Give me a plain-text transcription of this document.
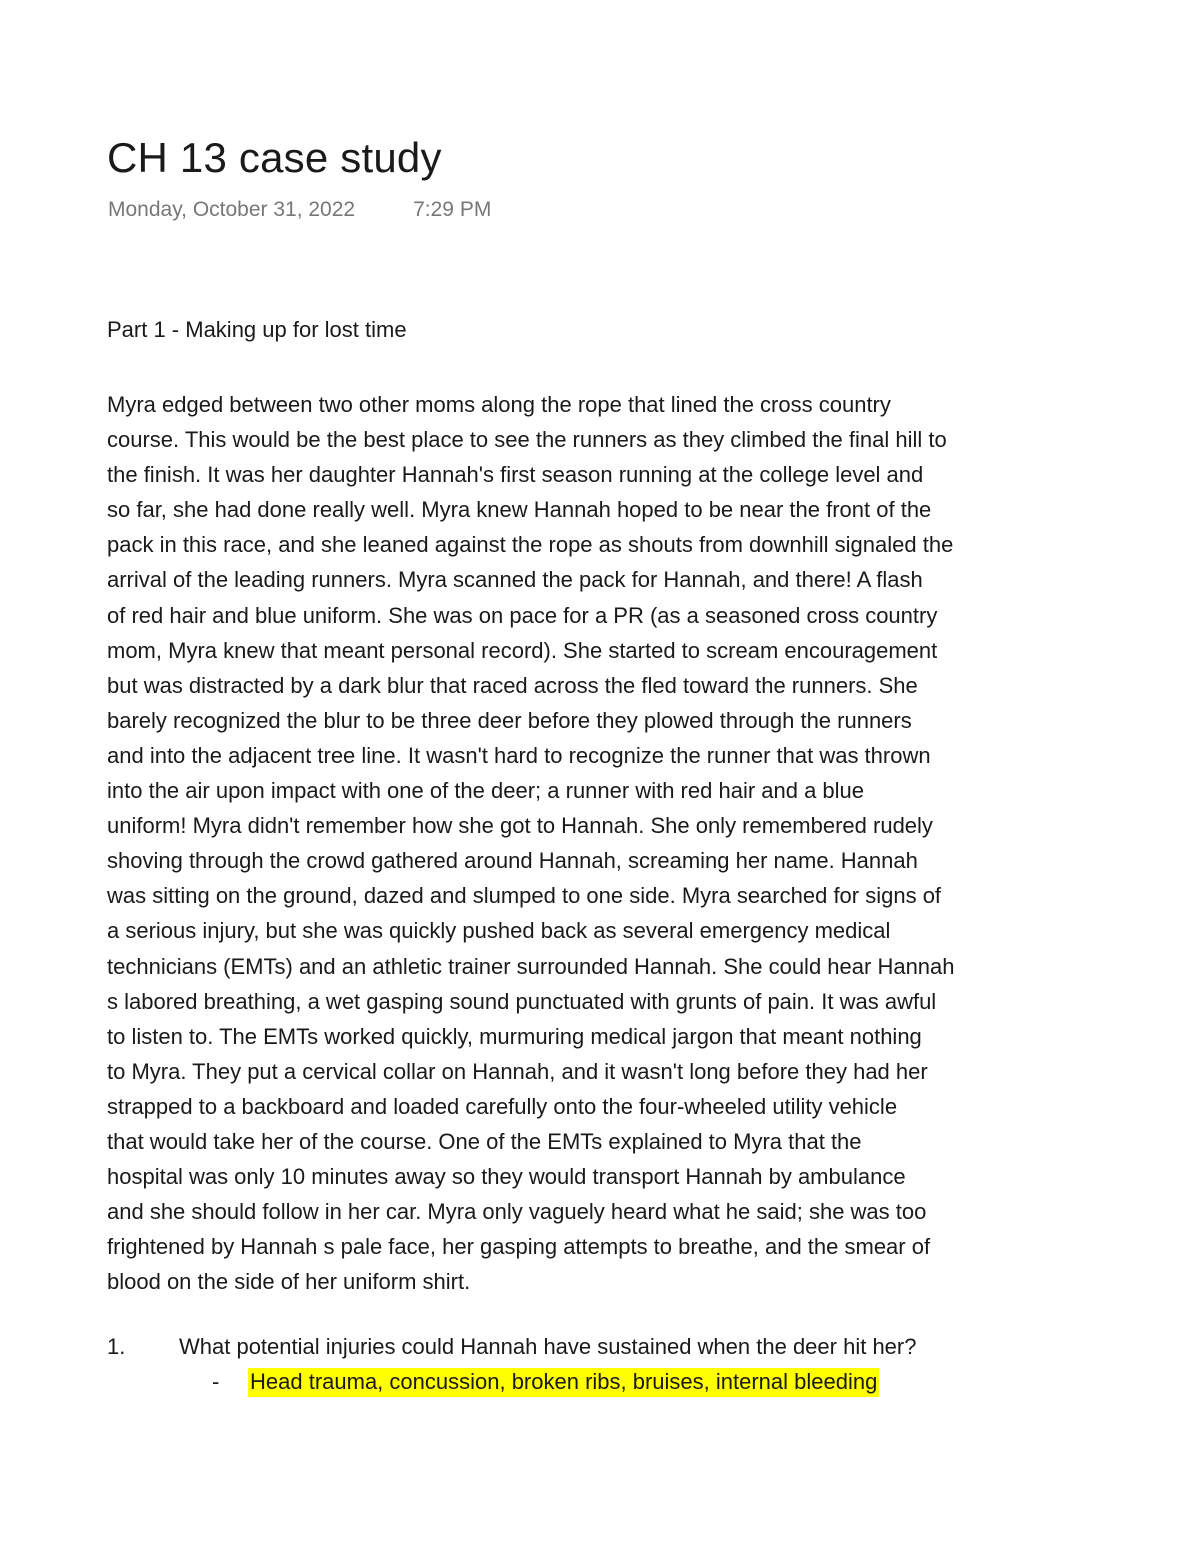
CH 13 case study
Monday, October 31, 2022	7:29 PM
Part 1 - Making up for lost time
Myra edged between two other moms along the rope that lined the cross country
course. This would be the best place to see the runners as they climbed the final hill to
the finish. It was her daughter Hannah's first season running at the college level and
so far, she had done really well. Myra knew Hannah hoped to be near the front of the
pack in this race, and she leaned against the rope as shouts from downhill signaled the
arrival of the leading runners. Myra scanned the pack for Hannah, and there! A flash
of red hair and blue uniform. She was on pace for a PR (as a seasoned cross country
mom, Myra knew that meant personal record). She started to scream encouragement
but was distracted by a dark blur that raced across the fled toward the runners. She
barely recognized the blur to be three deer before they plowed through the runners
and into the adjacent tree line. It wasn't hard to recognize the runner that was thrown
into the air upon impact with one of the deer; a runner with red hair and a blue
uniform! Myra didn't remember how she got to Hannah. She only remembered rudely
shoving through the crowd gathered around Hannah, screaming her name. Hannah
was sitting on the ground, dazed and slumped to one side. Myra searched for signs of
a serious injury, but she was quickly pushed back as several emergency medical
technicians (EMTs) and an athletic trainer surrounded Hannah. She could hear Hannah
s labored breathing, a wet gasping sound punctuated with grunts of pain. It was awful
to listen to. The EMTs worked quickly, murmuring medical jargon that meant nothing
to Myra. They put a cervical collar on Hannah, and it wasn't long before they had her
strapped to a backboard and loaded carefully onto the four-wheeled utility vehicle
that would take her of the course. One of the EMTs explained to Myra that the
hospital was only 10 minutes away so they would transport Hannah by ambulance
and she should follow in her car. Myra only vaguely heard what he said; she was too
frightened by Hannah s pale face, her gasping attempts to breathe, and the smear of
blood on the side of her uniform shirt.
1. What potential injuries could Hannah have sustained when the deer hit her?
- Head trauma, concussion, broken ribs, bruises, internal bleeding
